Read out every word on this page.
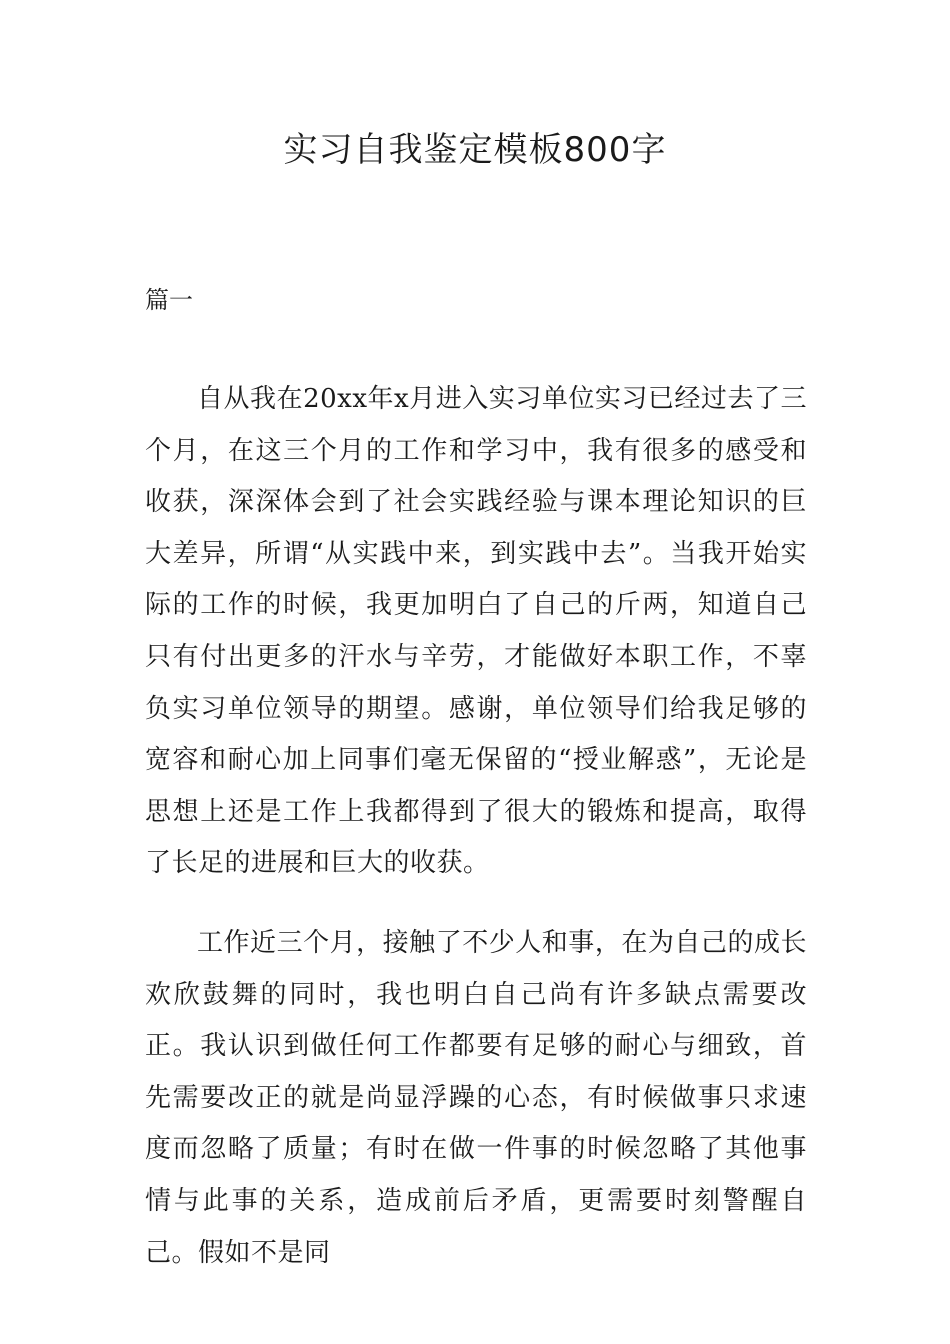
实习自我鉴定模板800字
篇一

自从我在20xx年x月进入实习单位实习已经过去了三个月，在这三个月的工作和学习中，我有很多的感受和收获，深深体会到了社会实践经验与课本理论知识的巨大差异，所谓“从实践中来，到实践中去”。当我开始实际的工作的时候，我更加明白了自己的斤两，知道自己只有付出更多的汗水与辛劳，才能做好本职工作，不辜负实习单位领导的期望。感谢，单位领导们给我足够的宽容和耐心加上同事们毫无保留的“授业解惑”，无论是思想上还是工作上我都得到了很大的锻炼和提高，取得了长足的进展和巨大的收获。

工作近三个月，接触了不少人和事，在为自己的成长欢欣鼓舞的同时，我也明白自己尚有许多缺点需要改正。我认识到做任何工作都要有足够的耐心与细致，首先需要改正的就是尚显浮躁的心态，有时候做事只求速度而忽略了质量；有时在做一件事的时候忽略了其他事情与此事的关系，造成前后矛盾，更需要时刻警醒自己。假如不是同
